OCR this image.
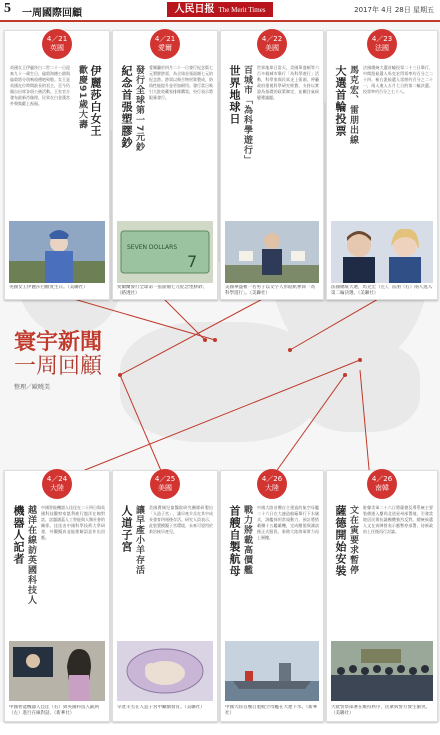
5 一周國際回顧	人民日报 The Merit Times	2017年 4月 28日 星期五
寰宇新聞
一周回顧
整理／歐曉美
4／21
英國
伊麗莎白女王
歡慶91歲大壽
英國女王伊麗莎白二世二十一日迎來九十一歲生日，倫敦海德公園與倫敦塔分別鳴放禮炮致敬。女王是英國在位時間最長的君主，至今仍親自出席各項公務活動。王室官方發布最新肖像照，民眾在白金漢宮外聚集獻上祝福。
英國女王伊麗莎白歡度生日。（美聯社）
4／21
愛爾
紀念首張塑膠鈔 發行全球第一7元鈔	愛爾蘭於四月二十一日發行紀念版七元塑膠鈔票，為全球首張面額七元的紀念鈔。鈔票以聚合物材質製成，防偽性能提升並更加耐用。發行當日吸引大批收藏家排隊購買，央行表示將限量發行。
SEVEN DOLLARS
7
愛爾蘭發行全球第一張面額七元紀念塑膠鈔。（路透社）
4／22
美國
世界地球日 百城市「為科學遊行」	世界地球日當天，美國華盛頓等六百多個城市舉行「為科學遊行」活動，科學家與民眾走上街頭，呼籲政府重視科學研究經費，支持以實證為基礎的政策制定，並關注氣候變遷議題。
美國華盛頓一名男子以文字人形貼紙參與「為科學遊行」。（美聯社）
4／23
法國
大選首輪投票 馬克宏、雷朋出線	法國總統大選首輪投票二十三日舉行，中間派候選人馬克宏得票率約百分之二十四，極右派候選人雷朋約百分之二十一，兩人進入五月七日的第二輪決選。投票率約百分之七十八。
法國總統大選，馬克宏（左）、雷朋（右）兩人進入第二輪決選。（美聯社）
4／24
大陸
機器人記者 越洋在線訪英國科技人	中國智能機器人佳佳在二十四日與英國科技觀察家凱利進行越洋在線對話，話題涵蓋人工智能與人類社會的關係。佳佳由中國科學技術大學研發，外觀擬真並能理解語意作出回應。
中國智能機器人佳佳（右）與英國科技人凱利（左）進行在線對話。（新華社）
4／25
美國
人道子宮 讓早產小羊存活	美國費城兒童醫院研究團隊研製出「人造子宮」，讓早產羊羔在其中成長發育四週後存活。研究人員表示，此裝置模擬子宮環境，未來可望用於救治極早產兒。
早產羊羔在人造子宮中繼續發育。（美聯社）
4／26
大陸
首艘自製航母 戰力將載高價艦	中國大陸首艘自主建造的航空母艦二十六日在大連造船廠舉行下水儀式，該艦採用常規動力，預計將搭載殲十五艦載機，完成舾裝與測試後正式服役，象徵大陸海軍實力再上層樓。
中國大陸首艘自製航空母艦在大連下水。（新華社）
4／26
南韓
薩德開始安裝 文在寅要求暫停	駐韓美軍二十六日將薩德反導系統主要裝備運入慶尚北道星州部署地，引發當地居民與抗議團體強烈反對。總統候選人文在寅陣營表示應暫停部署，待新政府上任後再行討論。
大批警察部署在維持秩序，民眾與警方發生衝突。（美聯社）
